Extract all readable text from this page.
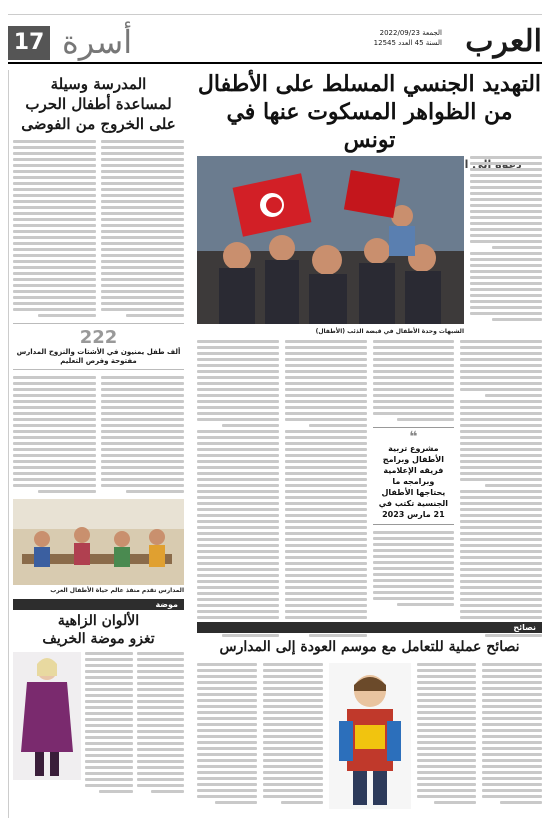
العرب
الجمعة 2022/09/23
السنة 45 العدد 12545
أسرة
17
التهديد الجنسي المسلط على الأطفال
من الظواهر المسكوت عنها في تونس
الشبهات وحدة الأطفال في قبضة الذئب (الأطفال)
❝
مشروع تربية الأطفال وبرامج فريقه الإعلامية وبرامجه ما يحتاجها الأطفال الجنسية تكتب في 21 مارس 2023
المدرسة وسيلة
لمساعدة أطفال الحرب
على الخروج من الفوضى
222
ألف طفل يمنيون في الأشتات والنزوح المدارس مفتوحة وفرص التعليم
المدارس تقدم منفذ عالم حياة الأطفال العرب
موضة
الألوان الزاهية
تغزو موضة الخريف
نصائح
نصائح عملية للتعامل مع موسم العودة إلى المدارس
